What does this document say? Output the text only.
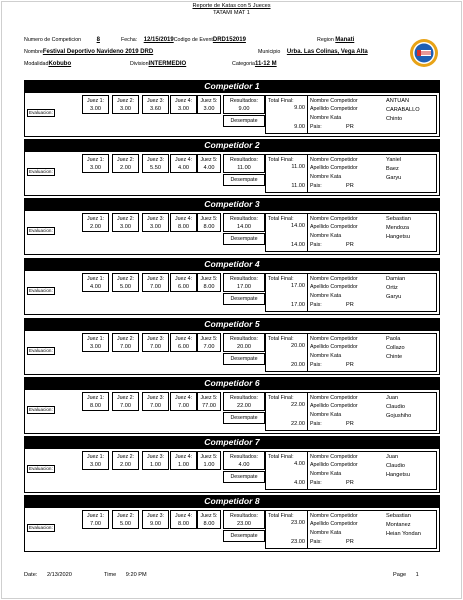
Reporte de Katas con 5 Jueces
TATAMI MAT 1
Numero de Competicion	8	Fecha: 12/15/2019Codigo de EventDRD152019	Region Manati
NombreFestival Deportivo Navideno 2019 DRD	Municipio Urba. Las Colinas, Vega Alta
ModalidadKobubo	DivisionINTERMEDIO	Categoria11-12 M
Competidor 1
Evaluacion:
Juez 1:
3.00
Juez 2:
3.00
Juez 3:
3.60
Juez 4:
3.00
Juez 5:
3.00
Resultados:
9.00
Desempate
Total Final:
9.00
9.00
Nombre Competidor	ANTUAN
Apellido Competidor	CARABALLO
Nombre Kata	Chinto
Pais:	PR
Competidor 2
Evaluacion:
Juez 1:
3.00
Juez 2:
2.00
Juez 3:
5.50
Juez 4:
4.00
Juez 5:
4.00
Resultados:
11.00
Desempate
Total Final:
11.00
11.00
Nombre Competidor	Yaniel
Apellido Competidor	Baez
Nombre Kata	Garyu
Pais:	PR
Competidor 3
Evaluacion:
Juez 1:
2.00
Juez 2:
3.00
Juez 3:
3.00
Juez 4:
8.00
Juez 5:
8.00
Resultados:
14.00
Desempate
Total Final:
14.00
14.00
Nombre Competidor	Sebastian
Apellido Competidor	Mendoza
Nombre Kata	Hangetsu
Pais:	PR
Competidor 4
Evaluacion:
Juez 1:
4.00
Juez 2:
5.00
Juez 3:
7.00
Juez 4:
6.00
Juez 5:
8.00
Resultados:
17.00
Desempate
Total Final:
17.00
17.00
Nombre Competidor	Damian
Apellido Competidor	Ortiz
Nombre Kata	Garyu
Pais:	PR
Competidor 5
Evaluacion:
Juez 1:
3.00
Juez 2:
7.00
Juez 3:
7.00
Juez 4:
6.00
Juez 5:
7.00
Resultados:
20.00
Desempate
Total Final:
20.00
20.00
Nombre Competidor	Paola
Apellido Competidor	Collazo
Nombre Kata	Chinte
Pais:	PR
Competidor 6
Evaluacion:
Juez 1:
8.00
Juez 2:
7.00
Juez 3:
7.00
Juez 4:
7.00
Juez 5:
77.00
Resultados:
22.00
Desempate
Total Final:
22.00
22.00
Nombre Competidor	Juan
Apellido Competidor	Claudio
Nombre Kata	Gojushiho
Pais:	PR
Competidor 7
Evaluacion:
Juez 1:
3.00
Juez 2:
2.00
Juez 3:
1.00
Juez 4:
1.00
Juez 5:
1.00
Resultados:
4.00
Desempate
Total Final:
4.00
4.00
Nombre Competidor	Juan
Apellido Competidor	Claudio
Nombre Kata	Hangetsu
Pais:	PR
Competidor 8
Evaluacion:
Juez 1:
7.00
Juez 2:
5.00
Juez 3:
9.00
Juez 4:
8.00
Juez 5:
8.00
Resultados:
23.00
Desempate
Total Final:
23.00
23.00
Nombre Competidor	Sebastian
Apellido Competidor	Montanez
Nombre Kata	Heian Yondan
Pais:	PR
Date: 2/13/2020	Time 9:20 PM	Page 1
